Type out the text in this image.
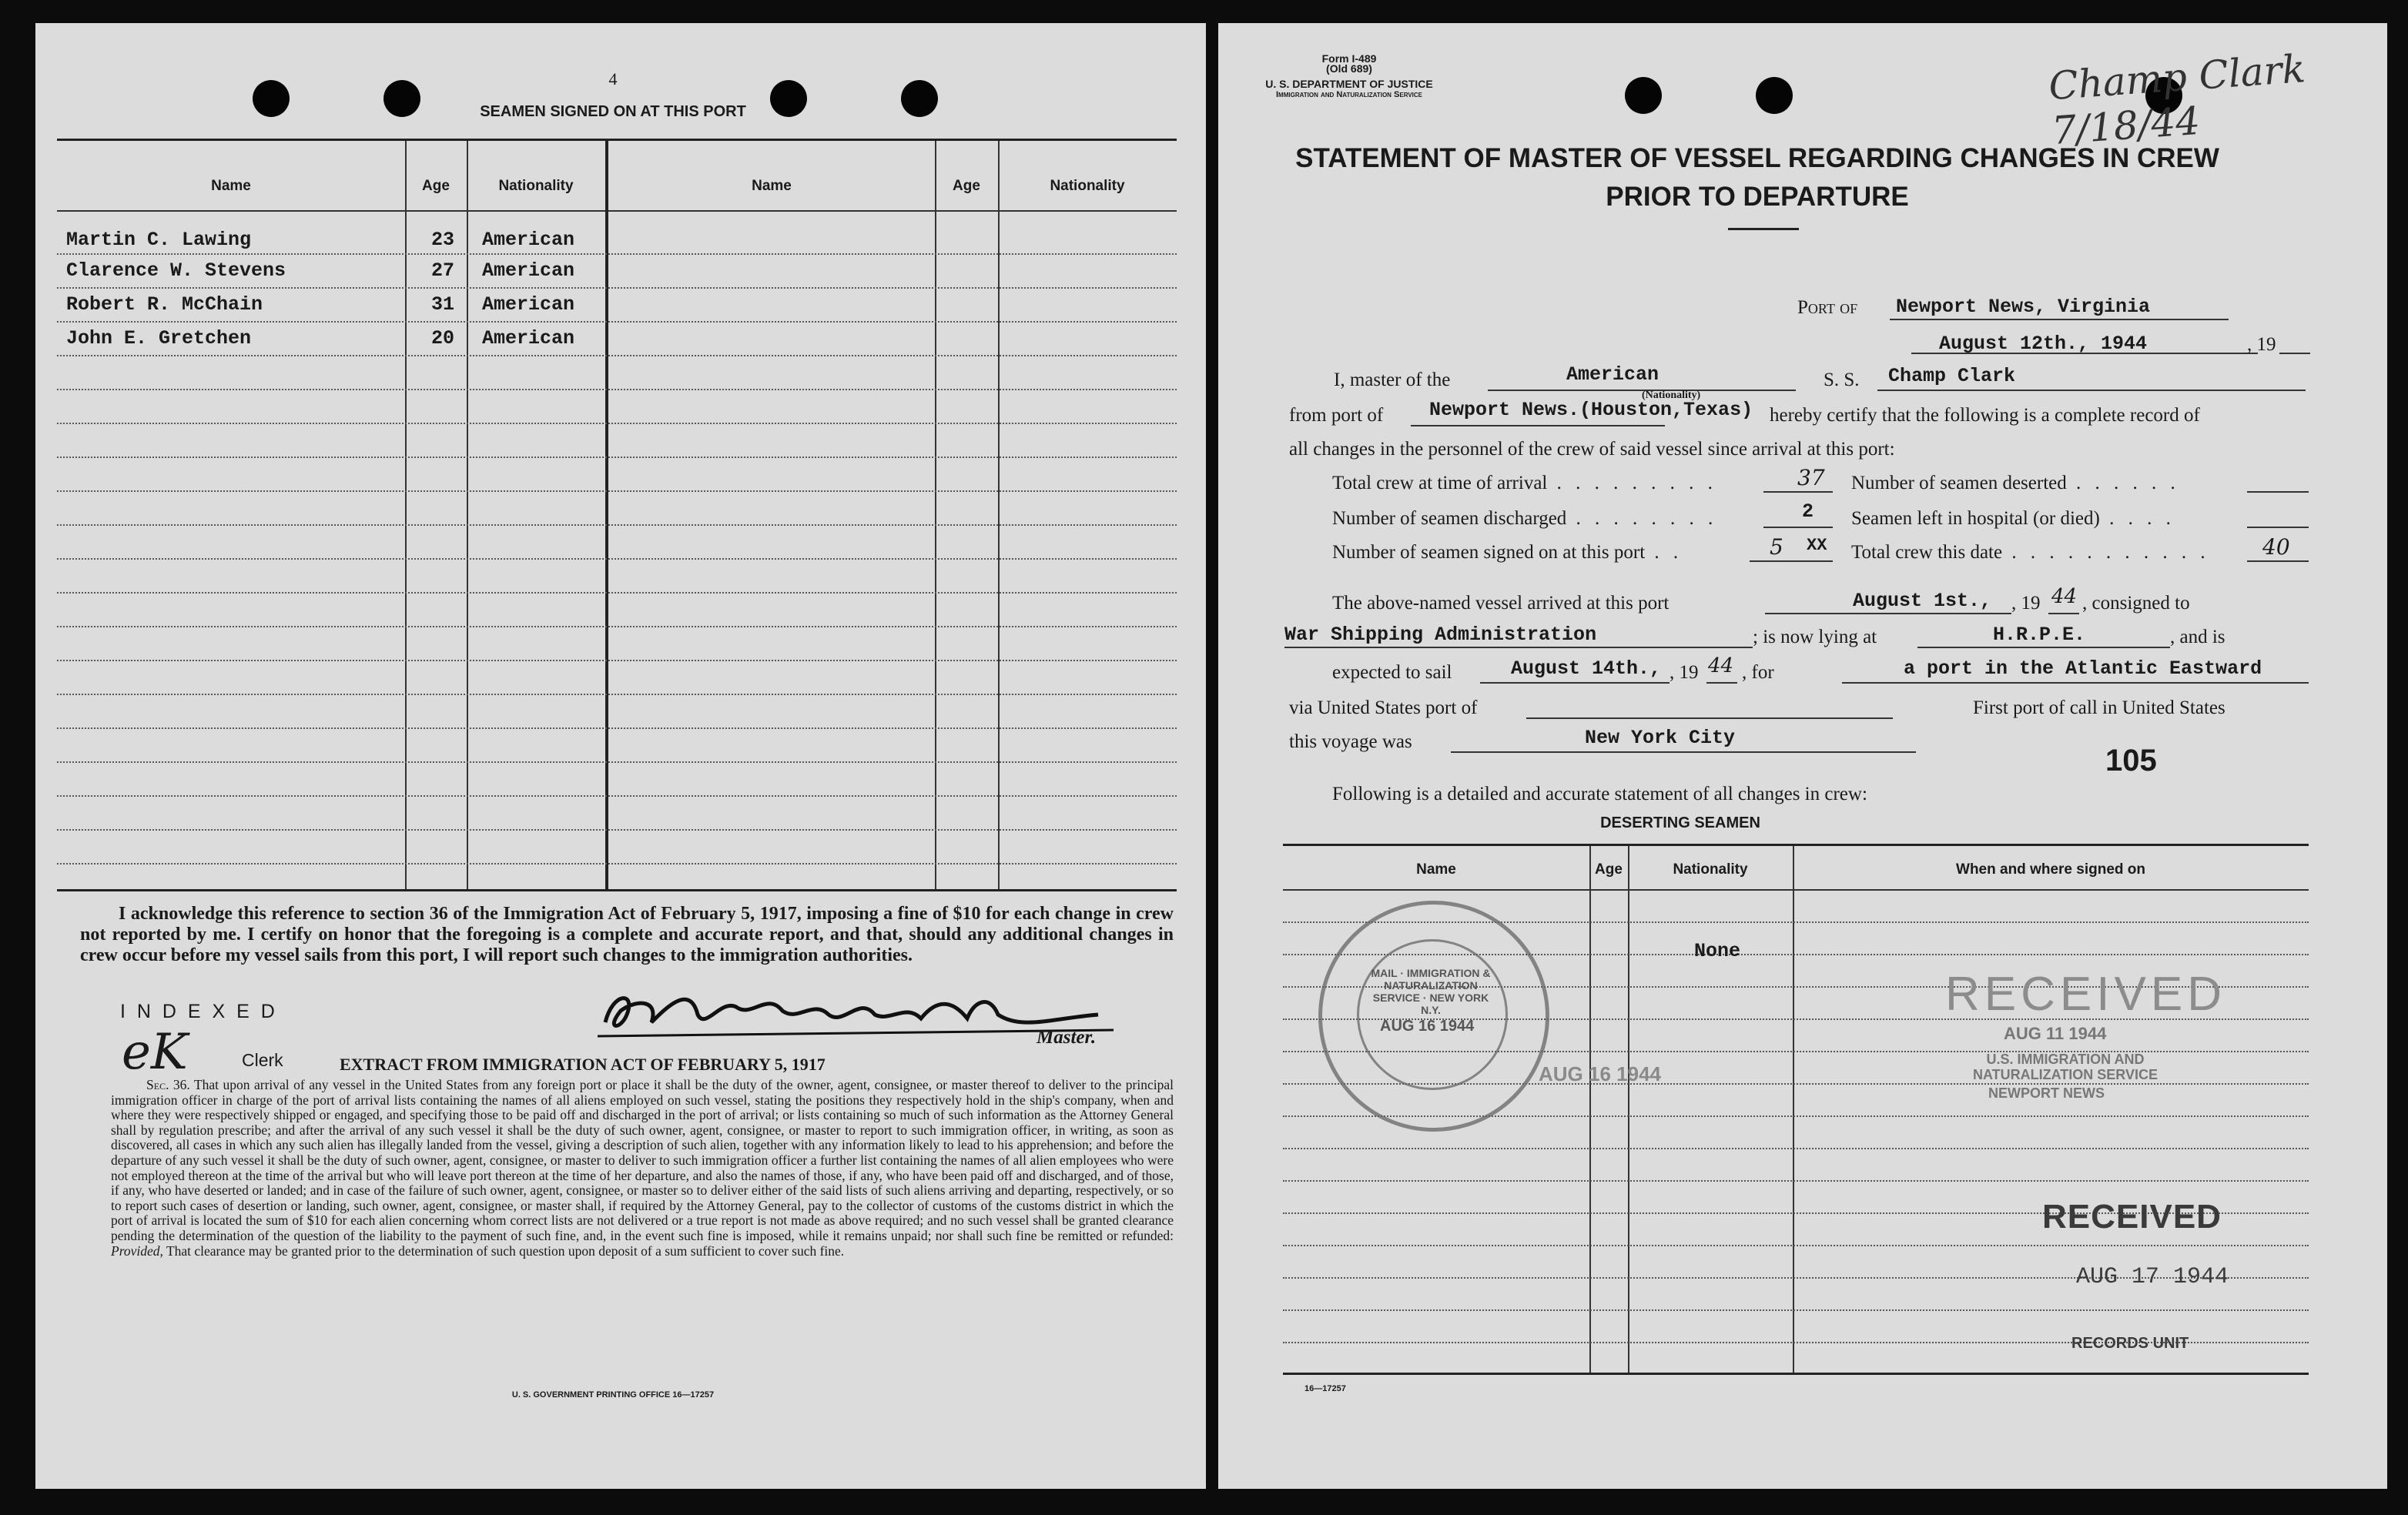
4
SEAMEN SIGNED ON AT THIS PORT
Name	Age	Nationality	Name	Age	Nationality
Martin C. Lawing	23 American
Clarence W. Stevens	27 American
Robert R. McChain	31 American
John E. Gretchen	20 American
I acknowledge this reference to section 36 of the Immigration Act of February 5, 1917, imposing a fine of $10 for each change in crew not reported by me. I certify on honor that the foregoing is a complete and accurate report, and that, should any additional changes in crew occur before my vessel sails from this port, I will report such changes to the immigration authorities.
I N D E X E D
eK	Clerk
Master.
EXTRACT FROM IMMIGRATION ACT OF FEBRUARY 5, 1917
Sec. 36. That upon arrival of any vessel in the United States from any foreign port or place it shall be the duty of the owner, agent, consignee, or master thereof to deliver to the principal immigration officer in charge of the port of arrival lists containing the names of all aliens employed on such vessel, stating the positions they respectively hold in the ship's company, when and where they were respectively shipped or engaged, and specifying those to be paid off and discharged in the port of arrival; or lists containing so much of such information as the Attorney General shall by regulation prescribe; and after the arrival of any such vessel it shall be the duty of such owner, agent, consignee, or master to report to such immigration officer, in writing, as soon as discovered, all cases in which any such alien has illegally landed from the vessel, giving a description of such alien, together with any information likely to lead to his apprehension; and before the departure of any such vessel it shall be the duty of such owner, agent, consignee, or master to deliver to such immigration officer a further list containing the names of all alien employees who were not employed thereon at the time of the arrival but who will leave port thereon at the time of her departure, and also the names of those, if any, who have been paid off and discharged, and of those, if any, who have deserted or landed; and in case of the failure of such owner, agent, consignee, or master so to deliver either of the said lists of such aliens arriving and departing, respectively, or so to report such cases of desertion or landing, such owner, agent, consignee, or master shall, if required by the Attorney General, pay to the collector of customs of the customs district in which the port of arrival is located the sum of $10 for each alien concerning whom correct lists are not delivered or a true report is not made as above required; and no such vessel shall be granted clearance pending the determination of the question of the liability to the payment of such fine, and, in the event such fine is imposed, while it remains unpaid; nor shall such fine be remitted or refunded: Provided, That clearance may be granted prior to the determination of such question upon deposit of a sum sufficient to cover such fine.
U. S. GOVERNMENT PRINTING OFFICE 16—17257
Form I-489
(Old 689)
U. S. DEPARTMENT OF JUSTICE
Immigration and Naturalization Service	Champ Clark 7/18/44
STATEMENT OF MASTER OF VESSEL REGARDING CHANGES IN CREW
PRIOR TO DEPARTURE
Port of Newport News, Virginia
August 12th., 1944	, 19
I, master of the	American
(Nationality)
S. S. Champ Clark
from port of Newport News.(Houston,Texas) hereby certify that the following is a complete record of
all changes in the personnel of the crew of said vessel since arrival at this port:
Total crew at time of arrival . . . . . . . . .	37 Number of seamen deserted . . . . . .
Number of seamen discharged . . . . . . . .	2 Seamen left in hospital (or died) . . . .
Number of seamen signed on at this port . .	5 XX Total crew this date . . . . . . . . . . . 40
The above-named vessel arrived at this port	August 1st., , 19 44 , consigned to
War Shipping Administration	; is now lying at	H.R.P.E.	, and is
expected to sail	August 14th., , 19 44 , for	a port in the Atlantic Eastward
via United States port of	First port of call in United States
this voyage was	New York City
105
Following is a detailed and accurate statement of all changes in crew:
DESERTING SEAMEN
Name	Age	Nationality	When and where signed on
None
MAIL · IMMIGRATION & NATURALIZATION SERVICE · NEW YORK N.Y.
AUG 16 1944
AUG 16 1944
RECEIVED
AUG 11 1944
U.S. IMMIGRATION AND NATURALIZATION SERVICE
NEWPORT NEWS
RECEIVED
AUG 17 1944
RECORDS UNIT
16—17257
